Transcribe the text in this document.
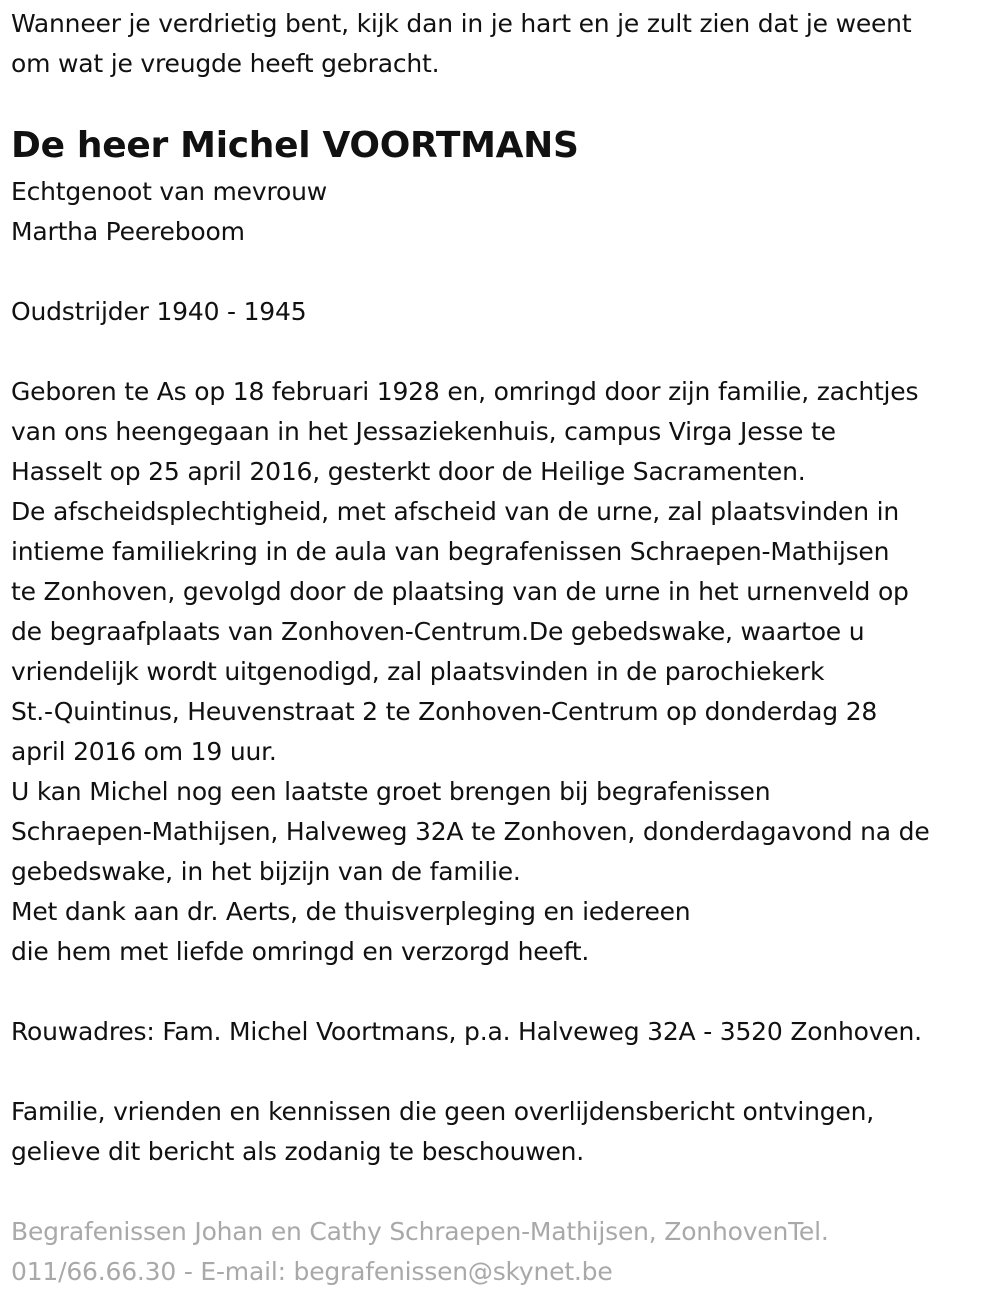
Wanneer je verdrietig bent, kijk dan in je hart en je zult zien dat je weent
om wat je vreugde heeft gebracht.
De heer Michel VOORTMANS
Echtgenoot van mevrouw
Martha Peereboom
Oudstrijder 1940 - 1945
Geboren te As op 18 februari 1928 en, omringd door zijn familie, zachtjes
van ons heengegaan in het Jessaziekenhuis, campus Virga Jesse te
Hasselt op 25 april 2016, gesterkt door de Heilige Sacramenten.
De afscheidsplechtigheid, met afscheid van de urne, zal plaatsvinden in
intieme familiekring in de aula van begrafenissen Schraepen-Mathijsen
te Zonhoven, gevolgd door de plaatsing van de urne in het urnenveld op
de begraafplaats van Zonhoven-Centrum.De gebedswake, waartoe u
vriendelijk wordt uitgenodigd, zal plaatsvinden in de parochiekerk
St.-Quintinus, Heuvenstraat 2 te Zonhoven-Centrum op donderdag 28
april 2016 om 19 uur.
U kan Michel nog een laatste groet brengen bij begrafenissen
Schraepen-Mathijsen, Halveweg 32A te Zonhoven, donderdagavond na de
gebedswake, in het bijzijn van de familie.
Met dank aan dr. Aerts, de thuisverpleging en iedereen
die hem met liefde omringd en verzorgd heeft.
Rouwadres: Fam. Michel Voortmans, p.a. Halveweg 32A - 3520 Zonhoven.
Familie, vrienden en kennissen die geen overlijdensbericht ontvingen,
gelieve dit bericht als zodanig te beschouwen.
Begrafenissen Johan en Cathy Schraepen-Mathijsen, ZonhovenTel.
011/66.66.30 - E-mail: begrafenissen@skynet.be
